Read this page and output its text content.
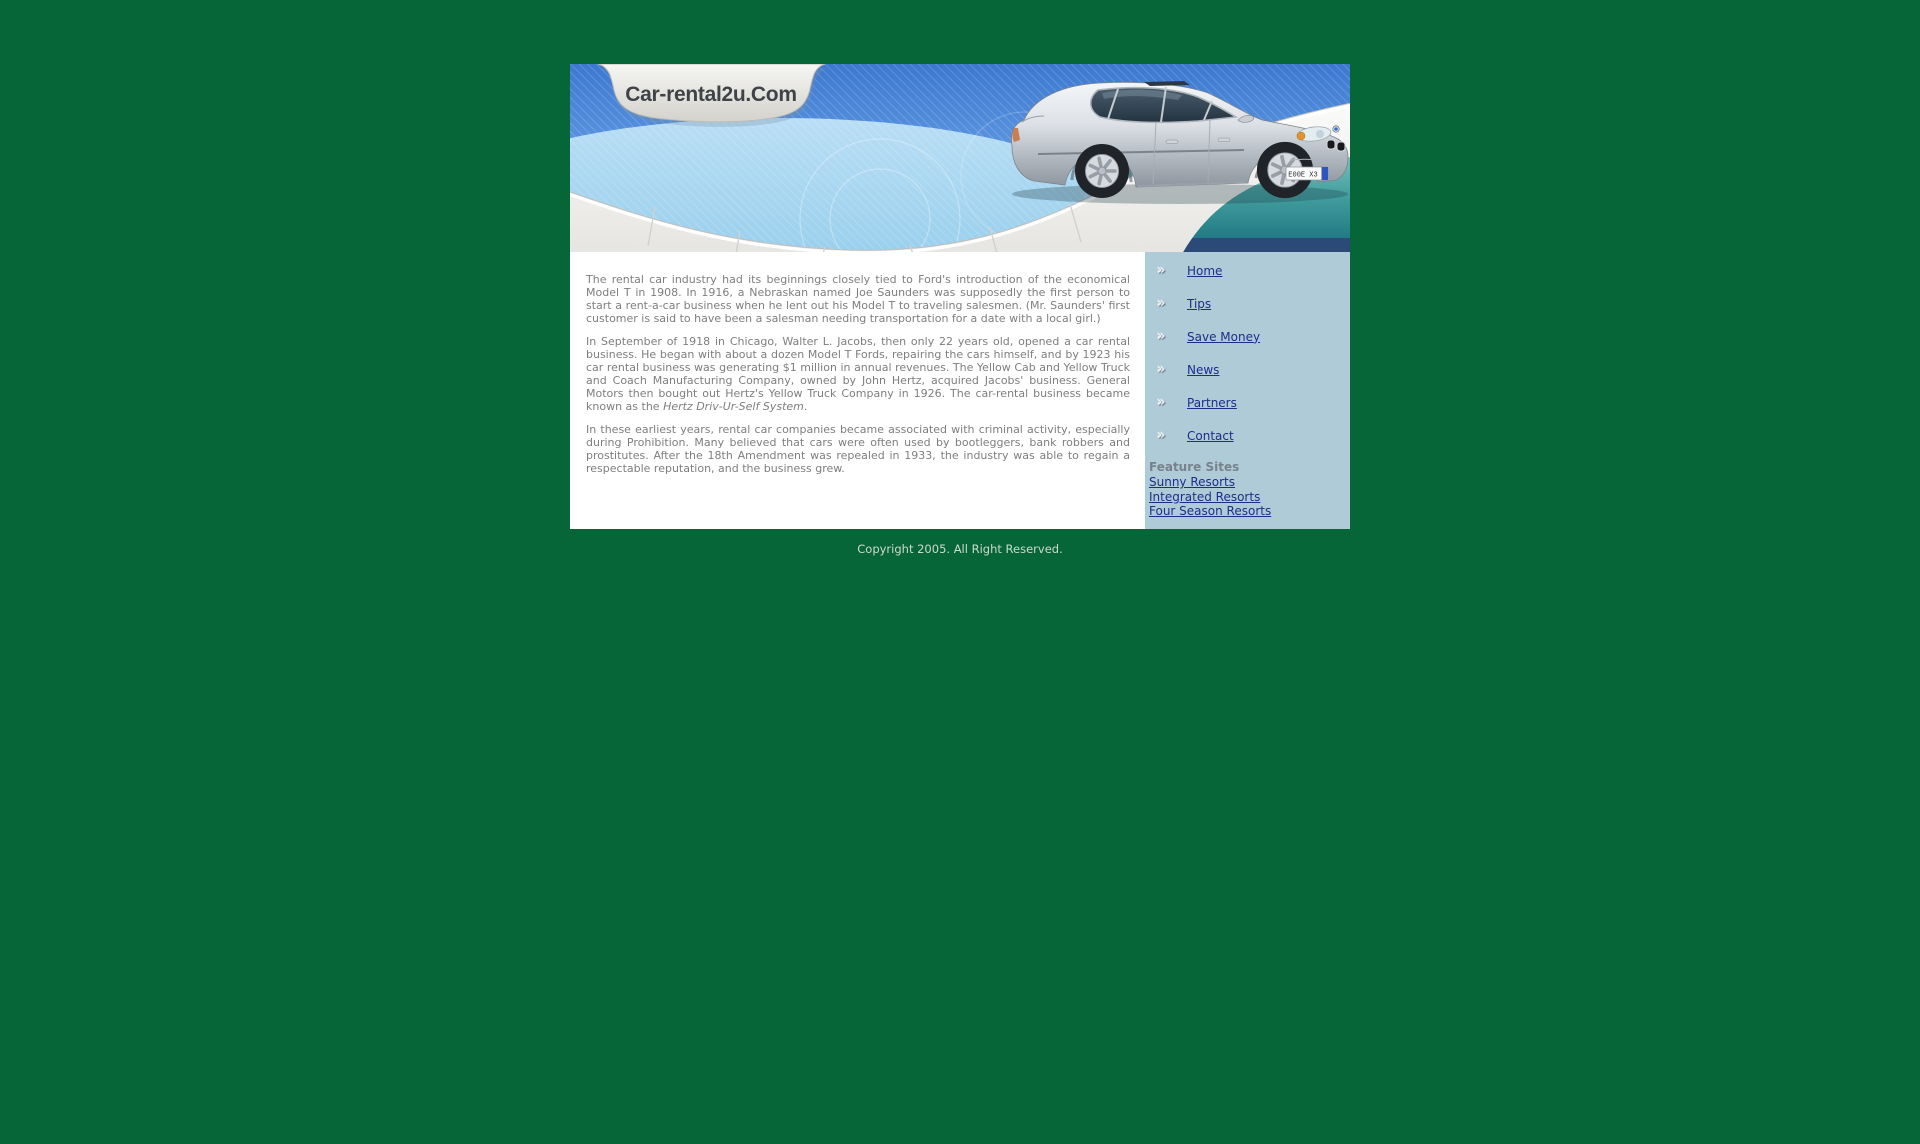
E00E X3
Car-rental2u.Com

The rental car industry had its beginnings closely tied to Ford's introduction of the economical Model T in 1908. In 1916, a Nebraskan named Joe Saunders was supposedly the first person to start a rent-a-car business when he lent out his Model T to traveling salesmen. (Mr. Saunders' first customer is said to have been a salesman needing transportation for a date with a local girl.)

In September of 1918 in Chicago, Walter L. Jacobs, then only 22 years old, opened a car rental business. He began with about a dozen Model T Fords, repairing the cars himself, and by 1923 his car rental business was generating $1 million in annual revenues. The Yellow Cab and Yellow Truck and Coach Manufacturing Company, owned by John Hertz, acquired Jacobs' business. General Motors then bought out Hertz's Yellow Truck Company in 1926. The car-rental business became known as the Hertz Driv-Ur-Self System.

In these earliest years, rental car companies became associated with criminal activity, especially during Prohibition. Many believed that cars were often used by bootleggers, bank robbers and prostitutes. After the 18th Amendment was repealed in 1933, the industry was able to regain a respectable reputation, and the business grew.

»	Home
»	Tips
»	Save Money
»	News
»	Partners
»	Contact
Feature Sites
Sunny Resorts
Integrated Resorts
Four Season Resorts
Copyright 2005. All Right Reserved.
